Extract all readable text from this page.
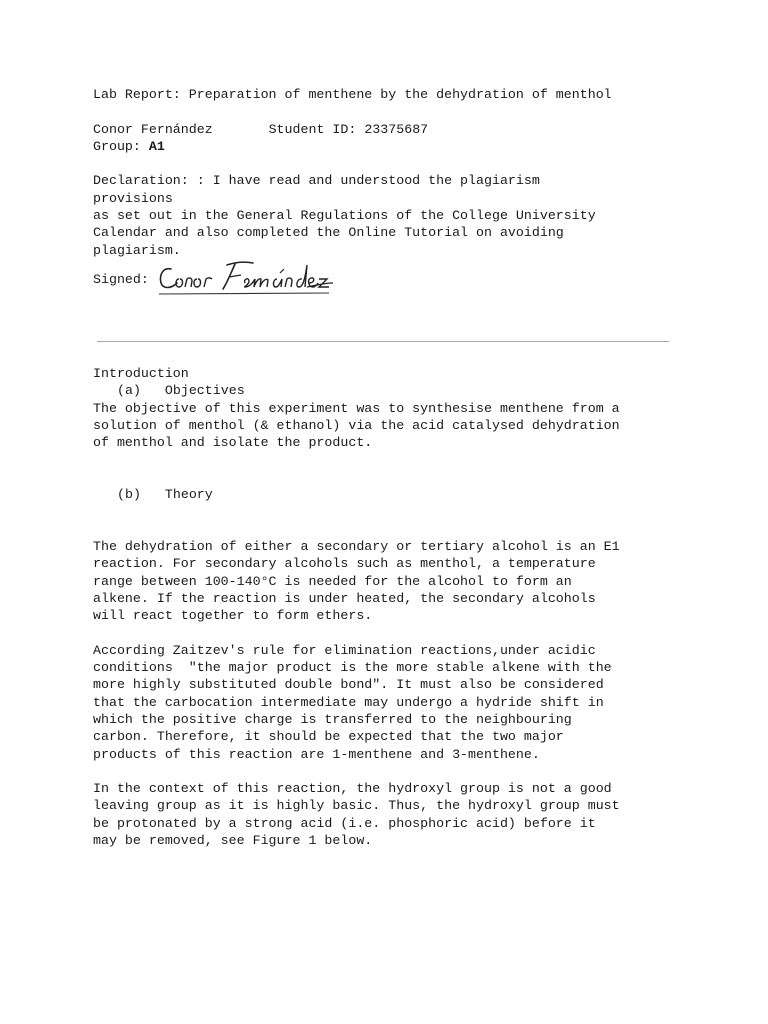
Lab Report: Preparation of menthene by the dehydration of menthol
Conor Fernández	Student ID: 23375687
Group: A1
Declaration: : I have read and understood the plagiarism
provisions
as set out in the General Regulations of the College University
Calendar and also completed the Online Tutorial on avoiding
plagiarism.
Signed:
Introduction
(a)   Objectives
The objective of this experiment was to synthesise menthene from a
solution of menthol (& ethanol) via the acid catalysed dehydration
of menthol and isolate the product.
(b)   Theory
The dehydration of either a secondary or tertiary alcohol is an E1
reaction. For secondary alcohols such as menthol, a temperature
range between 100-140°C is needed for the alcohol to form an
alkene. If the reaction is under heated, the secondary alcohols
will react together to form ethers.
According Zaitzev's rule for elimination reactions,under acidic
conditions  "the major product is the more stable alkene with the
more highly substituted double bond". It must also be considered
that the carbocation intermediate may undergo a hydride shift in
which the positive charge is transferred to the neighbouring
carbon. Therefore, it should be expected that the two major
products of this reaction are 1-menthene and 3-menthene.
In the context of this reaction, the hydroxyl group is not a good
leaving group as it is highly basic. Thus, the hydroxyl group must
be protonated by a strong acid (i.e. phosphoric acid) before it
may be removed, see Figure 1 below.
